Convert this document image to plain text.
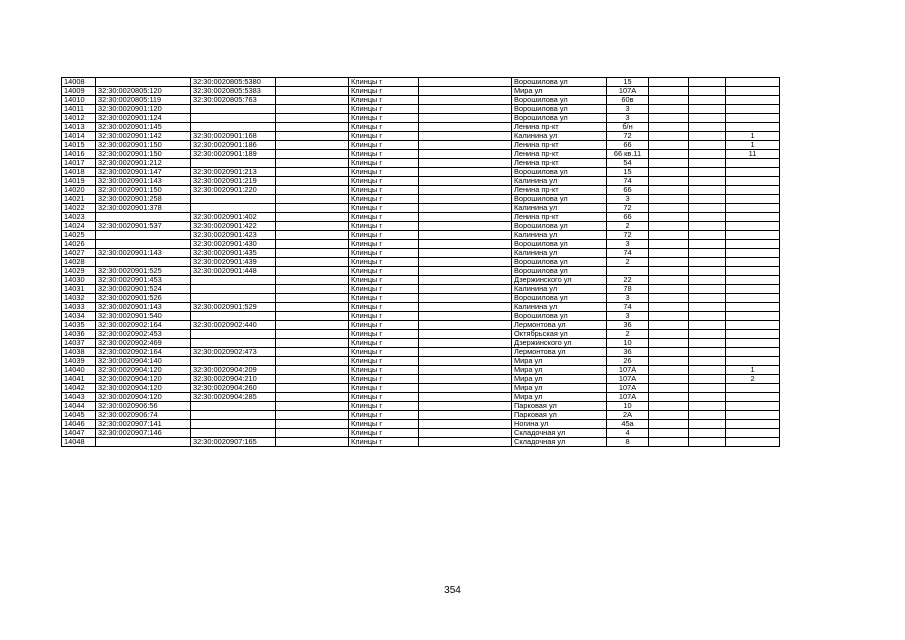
14008		32:30:0020805:5380		Клинцы г		Ворошилова ул	15			
14009	32:30:0020805:120	32:30:0020805:5383		Клинцы г		Мира ул	107А			
14010	32:30:0020805:119	32:30:0020805:763		Клинцы г		Ворошилова ул	60в			
14011	32:30:0020901:120			Клинцы г		Ворошилова ул	3			
14012	32:30:0020901:124			Клинцы г		Ворошилова ул	3			
14013	32:30:0020901:145			Клинцы г		Ленина пр-кт	б/н			
14014	32:30:0020901:142	32:30:0020901:168		Клинцы г		Калинина ул	72			1
14015	32:30:0020901:150	32:30:0020901:186		Клинцы г		Ленина пр-кт	66			1
14016	32:30:0020901:150	32:30:0020901:189		Клинцы г		Ленина пр-кт	66 кв.11			11
14017	32:30:0020901:212			Клинцы г		Ленина пр-кт	54			
14018	32:30:0020901:147	32:30:0020901:213		Клинцы г		Ворошилова ул	15			
14019	32:30:0020901:143	32:30:0020901:219		Клинцы г		Калинина ул	74			
14020	32:30:0020901:150	32:30:0020901:220		Клинцы г		Ленина пр-кт	66			
14021	32:30:0020901:258			Клинцы г		Ворошилова ул	3			
14022	32:30:0020901:378			Клинцы г		Калинина ул	72			
14023		32:30:0020901:402		Клинцы г		Ленина пр-кт	66			
14024	32:30:0020901:537	32:30:0020901:422		Клинцы г		Ворошилова ул	2			
14025		32:30:0020901:423		Клинцы г		Калинина ул	72			
14026		32:30:0020901:430		Клинцы г		Ворошилова ул	3			
14027	32:30:0020901:143	32:30:0020901:435		Клинцы г		Калинина ул	74			
14028		32:30:0020901:439		Клинцы г		Ворошилова ул	2			
14029	32:30:0020901:525	32:30:0020901:448		Клинцы г		Ворошилова ул				
14030	32:30:0020901:453			Клинцы г		Дзержинского ул	22			
14031	32:30:0020901:524			Клинцы г		Калинина ул	78			
14032	32:30:0020901:526			Клинцы г		Ворошилова ул	3			
14033	32:30:0020901:143	32:30:0020901:529		Клинцы г		Калинина ул	74			
14034	32:30:0020901:540			Клинцы г		Ворошилова ул	3			
14035	32:30:0020902:164	32:30:0020902:440		Клинцы г		Лермонтова ул	36			
14036	32:30:0020902:453			Клинцы г		Октябрьская ул	2			
14037	32:30:0020902:469			Клинцы г		Дзержинского ул	10			
14038	32:30:0020902:164	32:30:0020902:473		Клинцы г		Лермонтова ул	36			
14039	32:30:0020904:140			Клинцы г		Мира ул	26			
14040	32:30:0020904:120	32:30:0020904:209		Клинцы г		Мира ул	107А			1
14041	32:30:0020904:120	32:30:0020904:210		Клинцы г		Мира ул	107А			2
14042	32:30:0020904:120	32:30:0020904:260		Клинцы г		Мира ул	107А			
14043	32:30:0020904:120	32:30:0020904:285		Клинцы г		Мира ул	107А			
14044	32:30:0020906:56			Клинцы г		Парковая ул	10			
14045	32:30:0020906:74			Клинцы г		Парковая ул	2А			
14046	32:30:0020907:141			Клинцы г		Ногина ул	45а			
14047	32:30:0020907:146			Клинцы г		Складочная ул	4			
14048		32:30:0020907:165		Клинцы г		Складочная ул	8			
354
